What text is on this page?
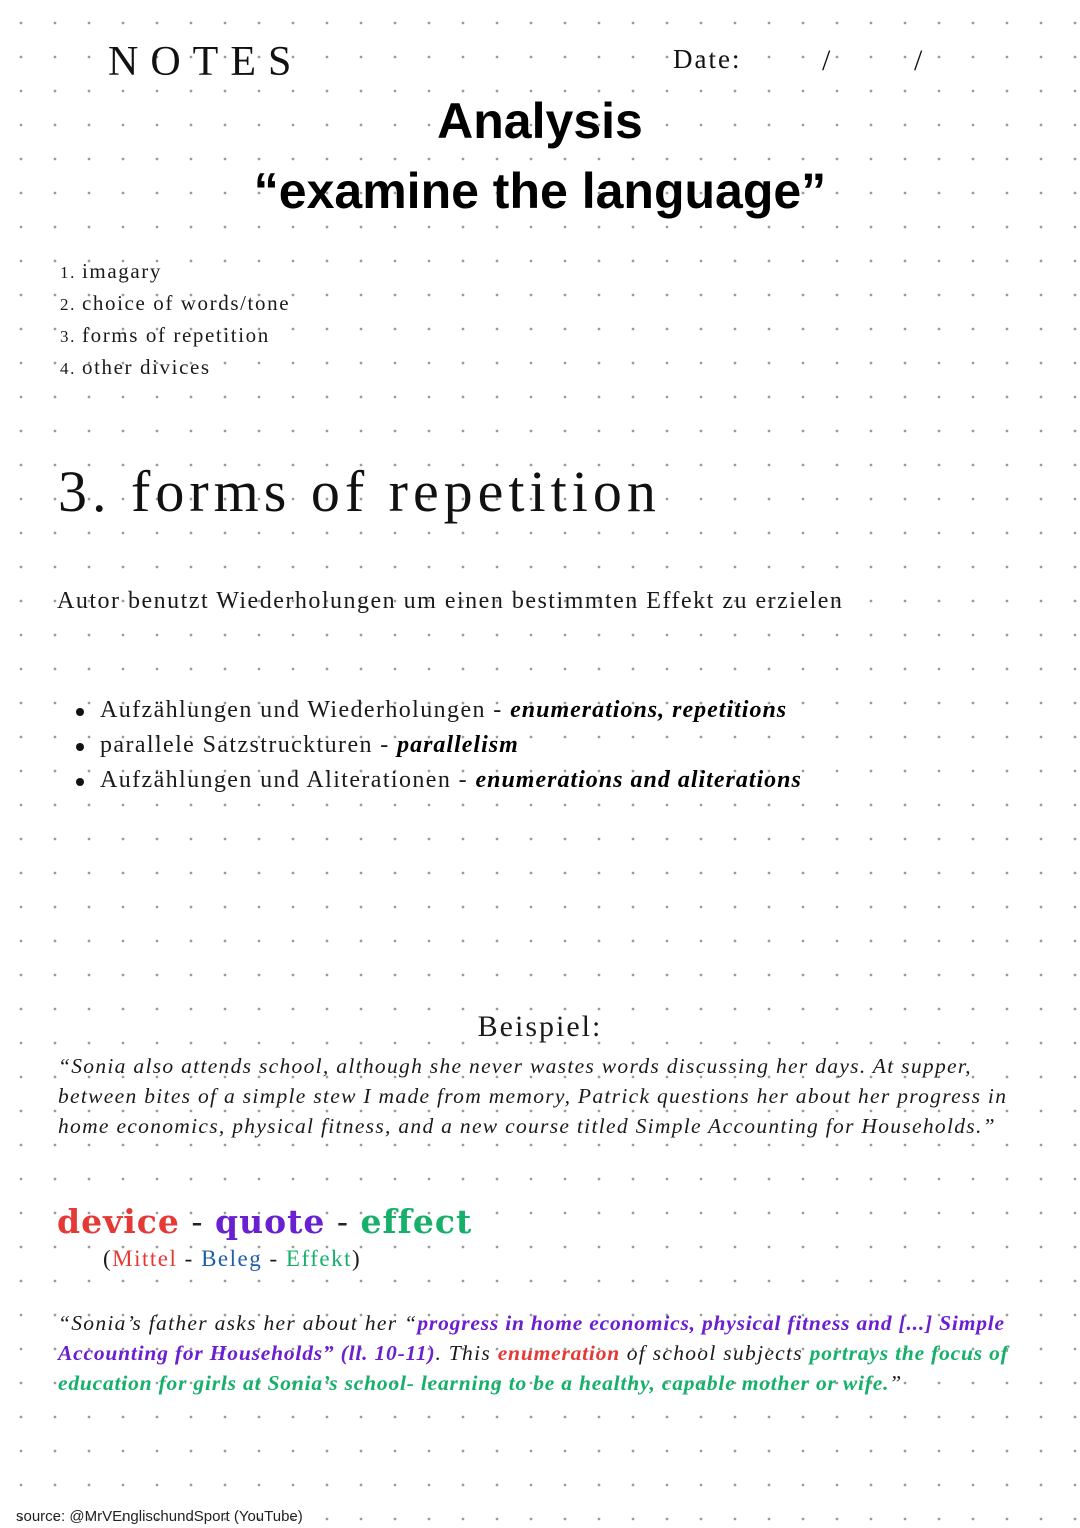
NOTES	Date:	/	/
Analysis
“examine the language”
1. imagary
2. choice of words/tone
3. forms of repetition
4. other divices
3. forms of repetition
Autor benutzt Wiederholungen um einen bestimmten Effekt zu erzielen
Aufzählungen und Wiederholungen - enumerations, repetitions
parallele Satzstruckturen - parallelism
Aufzählungen und Aliterationen - enumerations and aliterations
Beispiel:
“Sonia also attends school, although she never wastes words discussing her days. At supper, between bites of a simple stew I made from memory, Patrick questions her about her progress in home economics, physical fitness, and a new course titled Simple Accounting for Households.”
device - quote - effect
(Mittel - Beleg - Effekt)
“Sonia’s father asks her about her “progress in home economics, physical fitness and [...] Simple Accounting for Households” (ll. 10-11). This enumeration of school subjects portrays the focus of education for girls at Sonia’s school- learning to be a healthy, capable mother or wife.”
source: @MrVEnglischundSport (YouTube)
